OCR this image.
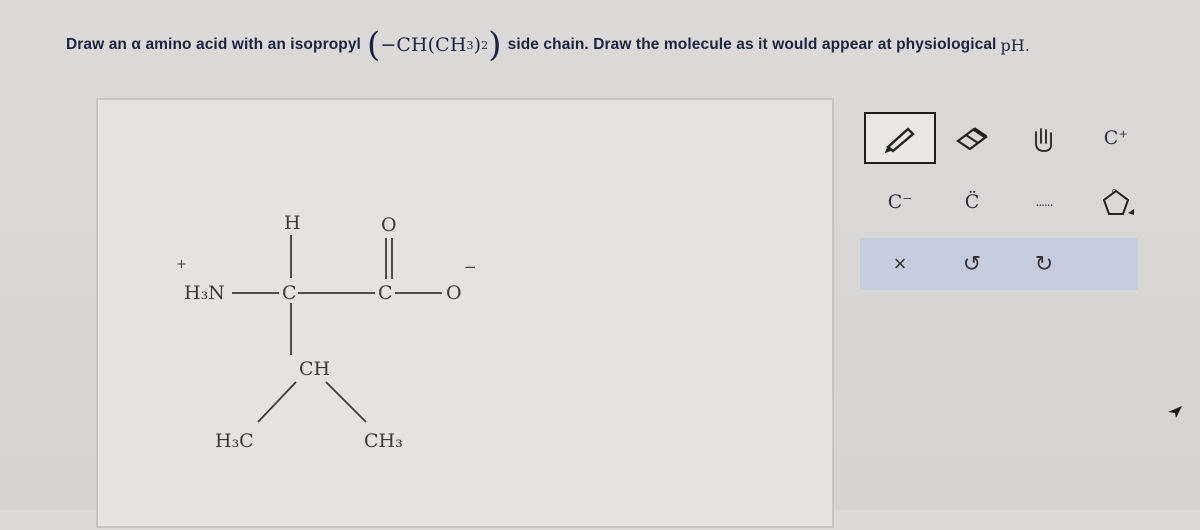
Draw an α amino acid with an isopropyl ( −CH(CH 3 ) 2 ) side chain. Draw the molecule as it would appear at physiological pH.
+
H₃N
H
C
O
C	O
−
CH
H₃C	CH₃
C⁺
C⁻	C̈	......
o
×	↺ ↻
